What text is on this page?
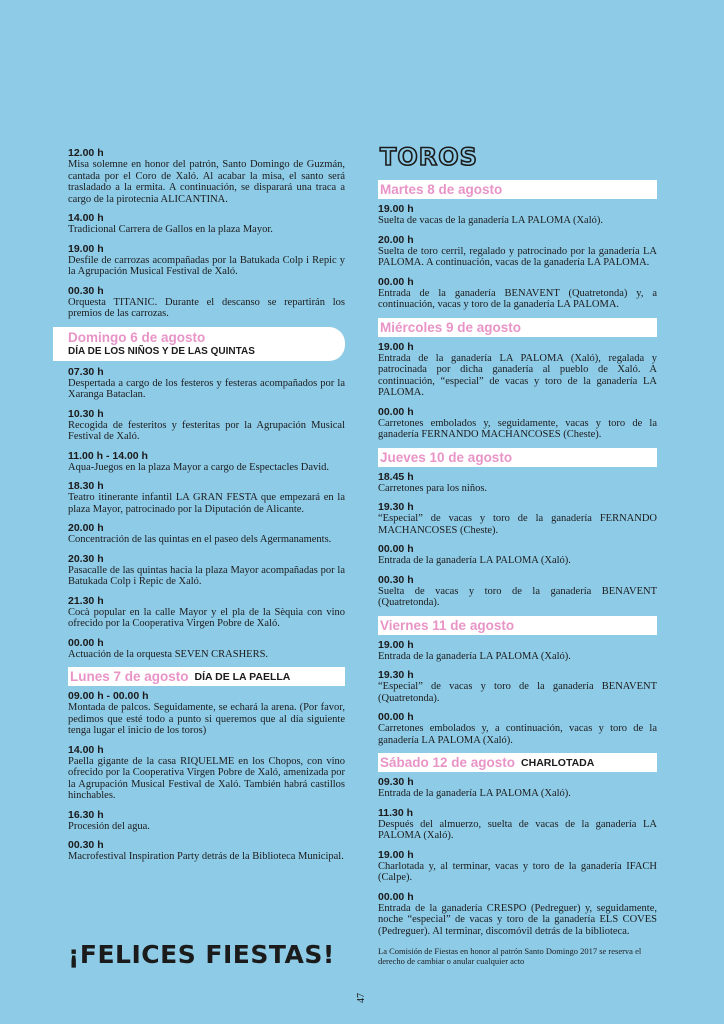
12.00 h
Misa solemne en honor del patrón, Santo Domingo de Guzmán, cantada por el Coro de Xaló. Al acabar la misa, el santo será trasladado a la ermita. A continuación, se disparará una traca a cargo de la pirotecnia ALICANTINA.
14.00 h
Tradicional Carrera de Gallos en la plaza Mayor.
19.00 h
Desfile de carrozas acompañadas por la Batukada Colp i Repic y la Agrupación Musical Festival de Xaló.
00.30 h
Orquesta TITANIC. Durante el descanso se repartirán los premios de las carrozas.
Domingo 6 de agosto
DÍA DE LOS NIÑOS Y DE LAS QUINTAS
07.30 h
Despertada a cargo de los festeros y festeras acompañados por la Xaranga Bataclan.
10.30 h
Recogida de festeritos y festeritas por la Agrupación Musical Festival de Xaló.
11.00 h - 14.00 h
Aqua-Juegos en la plaza Mayor a cargo de Espectacles David.
18.30 h
Teatro itinerante infantil LA GRAN FESTA que empezará en la plaza Mayor, patrocinado por la Diputación de Alicante.
20.00 h
Concentración de las quintas en el paseo dels Agermanaments.
20.30 h
Pasacalle de las quintas hacia la plaza Mayor acompañadas por la Batukada Colp i Repic de Xaló.
21.30 h
Cocà popular en la calle Mayor y el pla de la Sèquia con vino ofrecido por la Cooperativa Virgen Pobre de Xaló.
00.00 h
Actuación de la orquesta SEVEN CRASHERS.
Lunes 7 de agosto DÍA DE LA PAELLA
09.00 h - 00.00 h
Montada de palcos. Seguidamente, se echará la arena. (Por favor, pedimos que esté todo a punto si queremos que al día siguiente tenga lugar el inicio de los toros)
14.00 h
Paella gigante de la casa RIQUELME en los Chopos, con vino ofrecido por la Cooperativa Virgen Pobre de Xaló, amenizada por la Agrupación Musical Festival de Xaló. También habrá castillos hinchables.
16.30 h
Procesión del agua.
00.30 h
Macrofestival Inspiration Party detrás de la Biblioteca Municipal.
TOROS
Martes 8 de agosto
19.00 h
Suelta de vacas de la ganadería LA PALOMA (Xaló).
20.00 h
Suelta de toro cerril, regalado y patrocinado por la ganadería LA PALOMA. A continuación, vacas de la ganadería LA PALOMA.
00.00 h
Entrada de la ganadería BENAVENT (Quatretonda) y, a continuación, vacas y toro de la ganadería LA PALOMA.
Miércoles 9 de agosto
19.00 h
Entrada de la ganadería LA PALOMA (Xaló), regalada y patrocinada por dicha ganadería al pueblo de Xaló. A continuación, “especial” de vacas y toro de la ganadería LA PALOMA.
00.00 h
Carretones embolados y, seguidamente, vacas y toro de la ganadería FERNANDO MACHANCOSES (Cheste).
Jueves 10 de agosto
18.45 h
Carretones para los niños.
19.30 h
“Especial” de vacas y toro de la ganadería FERNANDO MACHANCOSES (Cheste).
00.00 h
Entrada de la ganadería LA PALOMA (Xaló).
00.30 h
Suelta de vacas y toro de la ganadería BENAVENT (Quatretonda).
Viernes 11 de agosto
19.00 h
Entrada de la ganadería LA PALOMA (Xaló).
19.30 h
“Especial” de vacas y toro de la ganadería BENAVENT (Quatretonda).
00.00 h
Carretones embolados y, a continuación, vacas y toro de la ganadería LA PALOMA (Xaló).
Sábado 12 de agosto CHARLOTADA
09.30 h
Entrada de la ganadería LA PALOMA (Xaló).
11.30 h
Después del almuerzo, suelta de vacas de la ganadería LA PALOMA (Xaló).
19.00 h
Charlotada y, al terminar, vacas y toro de la ganadería IFACH (Calpe).
00.00 h
Entrada de la ganadería CRESPO (Pedreguer) y, seguidamente, noche “especial” de vacas y toro de la ganadería ELS COVES (Pedreguer). Al terminar, discomóvil detrás de la biblioteca.
¡FELICES FIESTAS!	La Comisión de Fiestas en honor al patrón Santo Domingo 2017 se reserva el derecho de cambiar o anular cualquier acto
47
